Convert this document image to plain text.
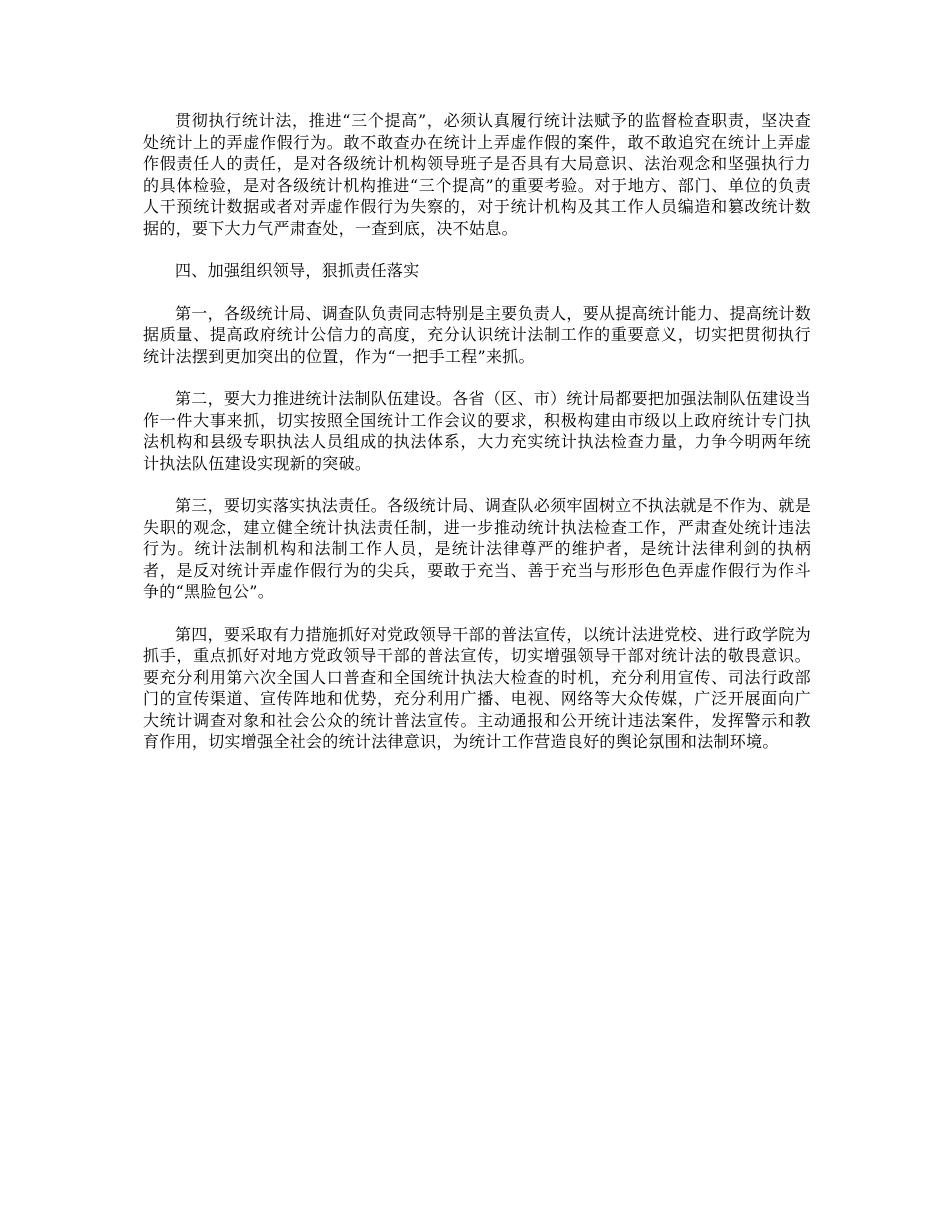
贯彻执行统计法，推进“三个提高”，必须认真履行统计法赋予的监督检查职责，坚决查处统计上的弄虚作假行为。敢不敢查办在统计上弄虚作假的案件，敢不敢追究在统计上弄虚作假责任人的责任，是对各级统计机构领导班子是否具有大局意识、法治观念和坚强执行力的具体检验，是对各级统计机构推进“三个提高”的重要考验。对于地方、部门、单位的负责人干预统计数据或者对弄虚作假行为失察的，对于统计机构及其工作人员编造和篡改统计数据的，要下大力气严肃查处，一查到底，决不姑息。

四、加强组织领导，狠抓责任落实

第一，各级统计局、调查队负责同志特别是主要负责人，要从提高统计能力、提高统计数据质量、提高政府统计公信力的高度，充分认识统计法制工作的重要意义，切实把贯彻执行统计法摆到更加突出的位置，作为“一把手工程”来抓。

第二，要大力推进统计法制队伍建设。各省（区、市）统计局都要把加强法制队伍建设当作一件大事来抓，切实按照全国统计工作会议的要求，积极构建由市级以上政府统计专门执法机构和县级专职执法人员组成的执法体系，大力充实统计执法检查力量，力争今明两年统计执法队伍建设实现新的突破。

第三，要切实落实执法责任。各级统计局、调查队必须牢固树立不执法就是不作为、就是失职的观念，建立健全统计执法责任制，进一步推动统计执法检查工作，严肃查处统计违法行为。统计法制机构和法制工作人员，是统计法律尊严的维护者，是统计法律利剑的执柄者，是反对统计弄虚作假行为的尖兵，要敢于充当、善于充当与形形色色弄虚作假行为作斗争的“黑脸包公”。

第四，要采取有力措施抓好对党政领导干部的普法宣传，以统计法进党校、进行政学院为抓手，重点抓好对地方党政领导干部的普法宣传，切实增强领导干部对统计法的敬畏意识。要充分利用第六次全国人口普查和全国统计执法大检查的时机，充分利用宣传、司法行政部门的宣传渠道、宣传阵地和优势，充分利用广播、电视、网络等大众传媒，广泛开展面向广大统计调查对象和社会公众的统计普法宣传。主动通报和公开统计违法案件，发挥警示和教育作用，切实增强全社会的统计法律意识，为统计工作营造良好的舆论氛围和法制环境。
